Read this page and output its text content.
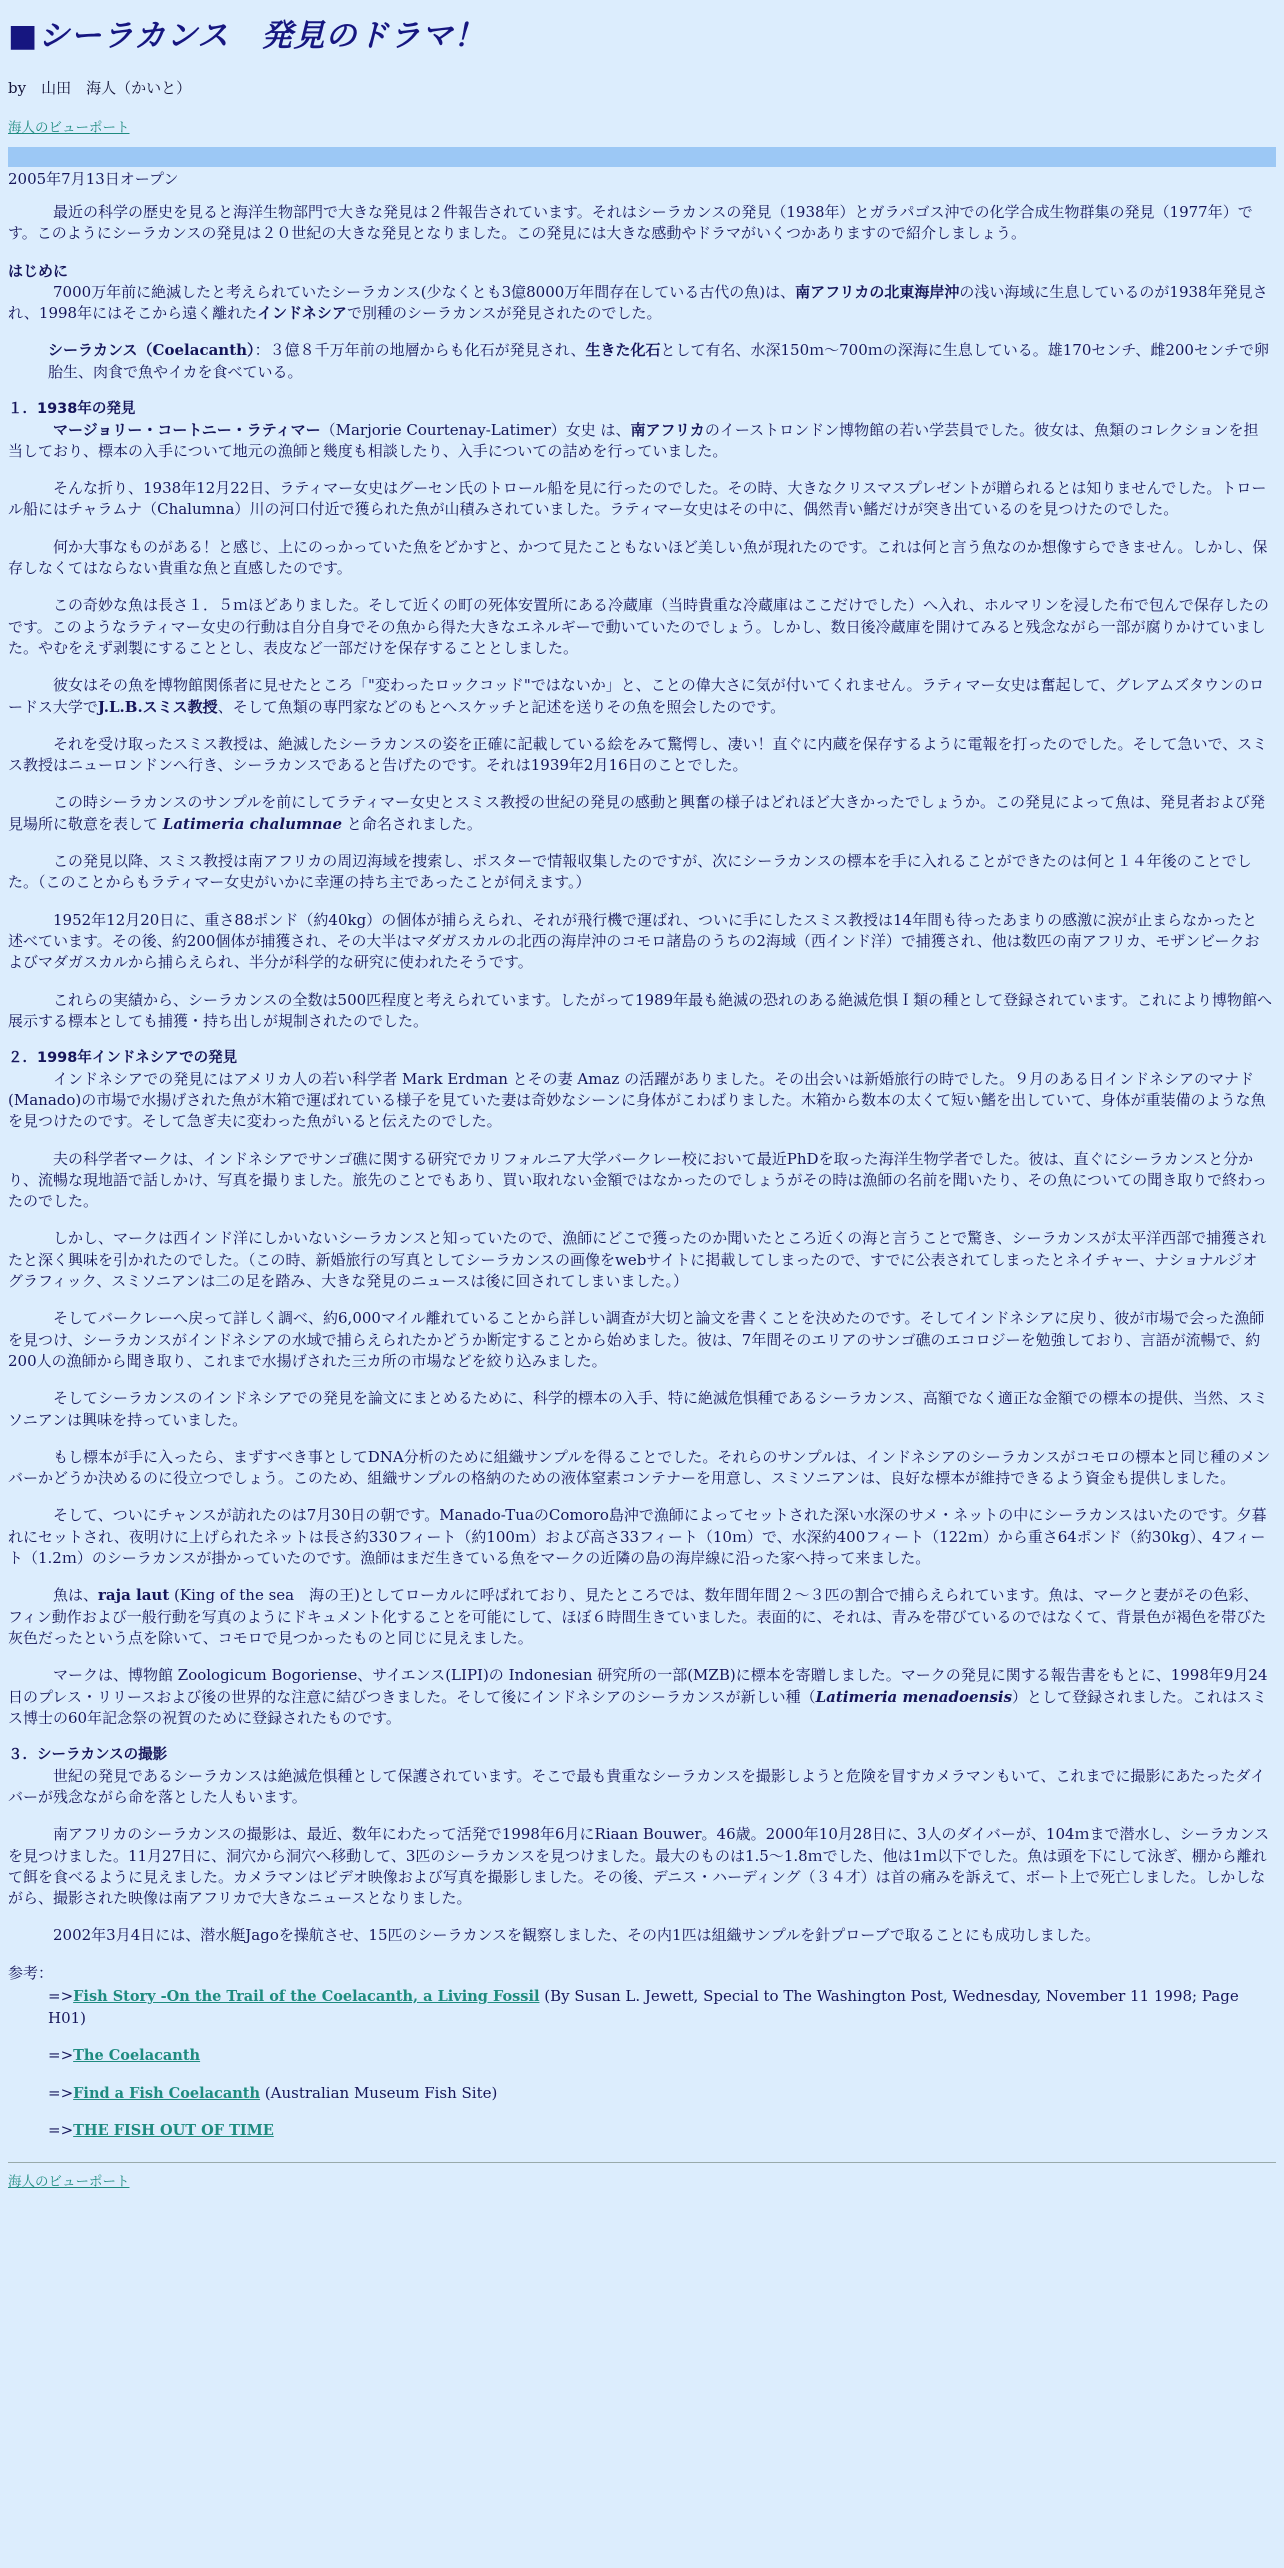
■シーラカンス　発見のドラマ！
by　山田　海人（かいと）
海人のビューポート
2005年7月13日オープン

最近の科学の歴史を見ると海洋生物部門で大きな発見は２件報告されています。それはシーラカンスの発見（1938年）とガラパゴス沖での化学合成生物群集の発見（1977年）です。このようにシーラカンスの発見は２０世紀の大きな発見となりました。この発見には大きな感動やドラマがいくつかありますので紹介しましょう。

はじめに

7000万年前に絶滅したと考えられていたシーラカンス(少なくとも3億8000万年間存在している古代の魚)は、南アフリカの北東海岸沖の浅い海域に生息しているのが1938年発見され、1998年にはそこから遠く離れたインドネシアで別種のシーラカンスが発見されたのでした。

シーラカンス（Coelacanth）：３億８千万年前の地層からも化石が発見され、生きた化石として有名、水深150ｍ～700ｍの深海に生息している。雄170センチ、雌200センチで卵胎生、肉食で魚やイカを食べている。

１．1938年の発見

マージョリー・コートニー・ラティマー（Marjorie Courtenay-Latimer）女史 は、南アフリカのイーストロンドン博物館の若い学芸員でした。彼女は、魚類のコレクションを担当しており、標本の入手について地元の漁師と幾度も相談したり、入手についての詰めを行っていました。

そんな折り、1938年12月22日、ラティマー女史はグーセン氏のトロール船を見に行ったのでした。その時、大きなクリスマスプレゼントが贈られるとは知りませんでした。トロール船にはチャラムナ（Chalumna）川の河口付近で獲られた魚が山積みされていました。ラティマー女史はその中に、偶然青い鰭だけが突き出ているのを見つけたのでした。

何か大事なものがある！と感じ、上にのっかっていた魚をどかすと、かつて見たこともないほど美しい魚が現れたのです。これは何と言う魚なのか想像すらできません。しかし、保存しなくてはならない貴重な魚と直感したのです。

この奇妙な魚は長さ１．５ｍほどありました。そして近くの町の死体安置所にある冷蔵庫（当時貴重な冷蔵庫はここだけでした）へ入れ、ホルマリンを浸した布で包んで保存したのです。このようなラティマー女史の行動は自分自身でその魚から得た大きなエネルギーで動いていたのでしょう。しかし、数日後冷蔵庫を開けてみると残念ながら一部が腐りかけていました。やむをえず剥製にすることとし、表皮など一部だけを保存することとしました。

彼女はその魚を博物館関係者に見せたところ「"変わったロックコッド"ではないか」と、ことの偉大さに気が付いてくれません。ラティマー女史は奮起して、グレアムズタウンのロードス大学でJ.L.B.スミス教授、そして魚類の専門家などのもとへスケッチと記述を送りその魚を照会したのです。

それを受け取ったスミス教授は、絶滅したシーラカンスの姿を正確に記載している絵をみて驚愕し、凄い！直ぐに内蔵を保存するように電報を打ったのでした。そして急いで、スミス教授はニューロンドンへ行き、シーラカンスであると告げたのです。それは1939年2月16日のことでした。

この時シーラカンスのサンプルを前にしてラティマー女史とスミス教授の世紀の発見の感動と興奮の様子はどれほど大きかったでしょうか。この発見によって魚は、発見者および発見場所に敬意を表して Latimeria chalumnae と命名されました。

この発見以降、スミス教授は南アフリカの周辺海域を捜索し、ポスターで情報収集したのですが、次にシーラカンスの標本を手に入れることができたのは何と１４年後のことでした。（このことからもラティマー女史がいかに幸運の持ち主であったことが伺えます。）

1952年12月20日に、重さ88ポンド（約40kg）の個体が捕らえられ、それが飛行機で運ばれ、ついに手にしたスミス教授は14年間も待ったあまりの感激に涙が止まらなかったと述べています。その後、約200個体が捕獲され、その大半はマダガスカルの北西の海岸沖のコモロ諸島のうちの2海域（西インド洋）で捕獲され、他は数匹の南アフリカ、モザンビークおよびマダガスカルから捕らえられ、半分が科学的な研究に使われたそうです。

これらの実績から、シーラカンスの全数は500匹程度と考えられています。したがって1989年最も絶滅の恐れのある絶滅危惧Ｉ類の種として登録されています。これにより博物館へ展示する標本としても捕獲・持ち出しが規制されたのでした。

２．1998年インドネシアでの発見

インドネシアでの発見にはアメリカ人の若い科学者 Mark Erdman とその妻 Amaz の活躍がありました。その出会いは新婚旅行の時でした。９月のある日インドネシアのマナド(Manado)の市場で水揚げされた魚が木箱で運ばれている様子を見ていた妻は奇妙なシーンに身体がこわばりました。木箱から数本の太くて短い鰭を出していて、身体が重装備のような魚を見つけたのです。そして急ぎ夫に変わった魚がいると伝えたのでした。

夫の科学者マークは、インドネシアでサンゴ礁に関する研究でカリフォルニア大学バークレー校において最近PhDを取った海洋生物学者でした。彼は、直ぐにシーラカンスと分かり、流暢な現地語で話しかけ、写真を撮りました。旅先のことでもあり、買い取れない金額ではなかったのでしょうがその時は漁師の名前を聞いたり、その魚についての聞き取りで終わったのでした。

しかし、マークは西インド洋にしかいないシーラカンスと知っていたので、漁師にどこで獲ったのか聞いたところ近くの海と言うことで驚き、シーラカンスが太平洋西部で捕獲されたと深く興味を引かれたのでした。（この時、新婚旅行の写真としてシーラカンスの画像をwebサイトに掲載してしまったので、すでに公表されてしまったとネイチャー、ナショナルジオグラフィック、スミソニアンは二の足を踏み、大きな発見のニュースは後に回されてしまいました。）

そしてバークレーへ戻って詳しく調べ、約6,000マイル離れていることから詳しい調査が大切と論文を書くことを決めたのです。そしてインドネシアに戻り、彼が市場で会った漁師を見つけ、シーラカンスがインドネシアの水域で捕らえられたかどうか断定することから始めました。彼は、7年間そのエリアのサンゴ礁のエコロジーを勉強しており、言語が流暢で、約200人の漁師から聞き取り、これまで水揚げされた三カ所の市場などを絞り込みました。

そしてシーラカンスのインドネシアでの発見を論文にまとめるために、科学的標本の入手、特に絶滅危惧種であるシーラカンス、高額でなく適正な金額での標本の提供、当然、スミソニアンは興味を持っていました。

もし標本が手に入ったら、まずすべき事としてDNA分析のために組織サンプルを得ることでした。それらのサンプルは、インドネシアのシーラカンスがコモロの標本と同じ種のメンバーかどうか決めるのに役立つでしょう。このため、組織サンプルの格納のための液体窒素コンテナーを用意し、スミソニアンは、良好な標本が維持できるよう資金も提供しました。

そして、ついにチャンスが訪れたのは7月30日の朝です。Manado-TuaのComoro島沖で漁師によってセットされた深い水深のサメ・ネットの中にシーラカンスはいたのです。夕暮れにセットされ、夜明けに上げられたネットは長さ約330フィート（約100ｍ）および高さ33フィート（10ｍ）で、水深約400フィート（122ｍ）から重さ64ポンド（約30kg）、4フィート（1.2ｍ）のシーラカンスが掛かっていたのです。漁師はまだ生きている魚をマークの近隣の島の海岸線に沿った家へ持って来ました。

魚は、raja laut (King of the sea　海の王)としてローカルに呼ばれており、見たところでは、数年間年間２～３匹の割合で捕らえられています。魚は、マークと妻がその色彩、フィン動作および一般行動を写真のようにドキュメント化することを可能にして、ほぼ６時間生きていました。表面的に、それは、青みを帯びているのではなくて、背景色が褐色を帯びた灰色だったという点を除いて、コモロで見つかったものと同じに見えました。

マークは、博物館 Zoologicum Bogoriense、サイエンス(LIPI)の Indonesian 研究所の一部(MZB)に標本を寄贈しました。マークの発見に関する報告書をもとに、1998年9月24日のプレス・リリースおよび後の世界的な注意に結びつきました。そして後にインドネシアのシーラカンスが新しい種（Latimeria menadoensis）として登録されました。これはスミス博士の60年記念祭の祝賀のために登録されたものです。

３．シーラカンスの撮影

世紀の発見であるシーラカンスは絶滅危惧種として保護されています。そこで最も貴重なシーラカンスを撮影しようと危険を冒すカメラマンもいて、これまでに撮影にあたったダイバーが残念ながら命を落とした人もいます。

南アフリカのシーラカンスの撮影は、最近、数年にわたって活発で1998年6月にRiaan Bouwer。46歳。2000年10月28日に、3人のダイバーが、104ｍまで潜水し、シーラカンスを見つけました。11月27日に、洞穴から洞穴へ移動して、3匹のシーラカンスを見つけました。最大のものは1.5～1.8ｍでした、他は1ｍ以下でした。魚は頭を下にして泳ぎ、棚から離れて餌を食べるように見えました。カメラマンはビデオ映像および写真を撮影しました。その後、デニス・ハーディング（３４才）は首の痛みを訴えて、ボート上で死亡しました。しかしながら、撮影された映像は南アフリカで大きなニュースとなりました。

2002年3月4日には、潜水艇Jagoを操航させ、15匹のシーラカンスを観察しました、その内1匹は組織サンプルを針プローブで取ることにも成功しました。

参考：
=>Fish Story -On the Trail of the Coelacanth, a Living Fossil (By Susan L. Jewett, Special to The Washington Post, Wednesday, November 11 1998; Page H01)
=>The Coelacanth
=>Find a Fish Coelacanth (Australian Museum Fish Site)
=>THE FISH OUT OF TIME
海人のビューポート
